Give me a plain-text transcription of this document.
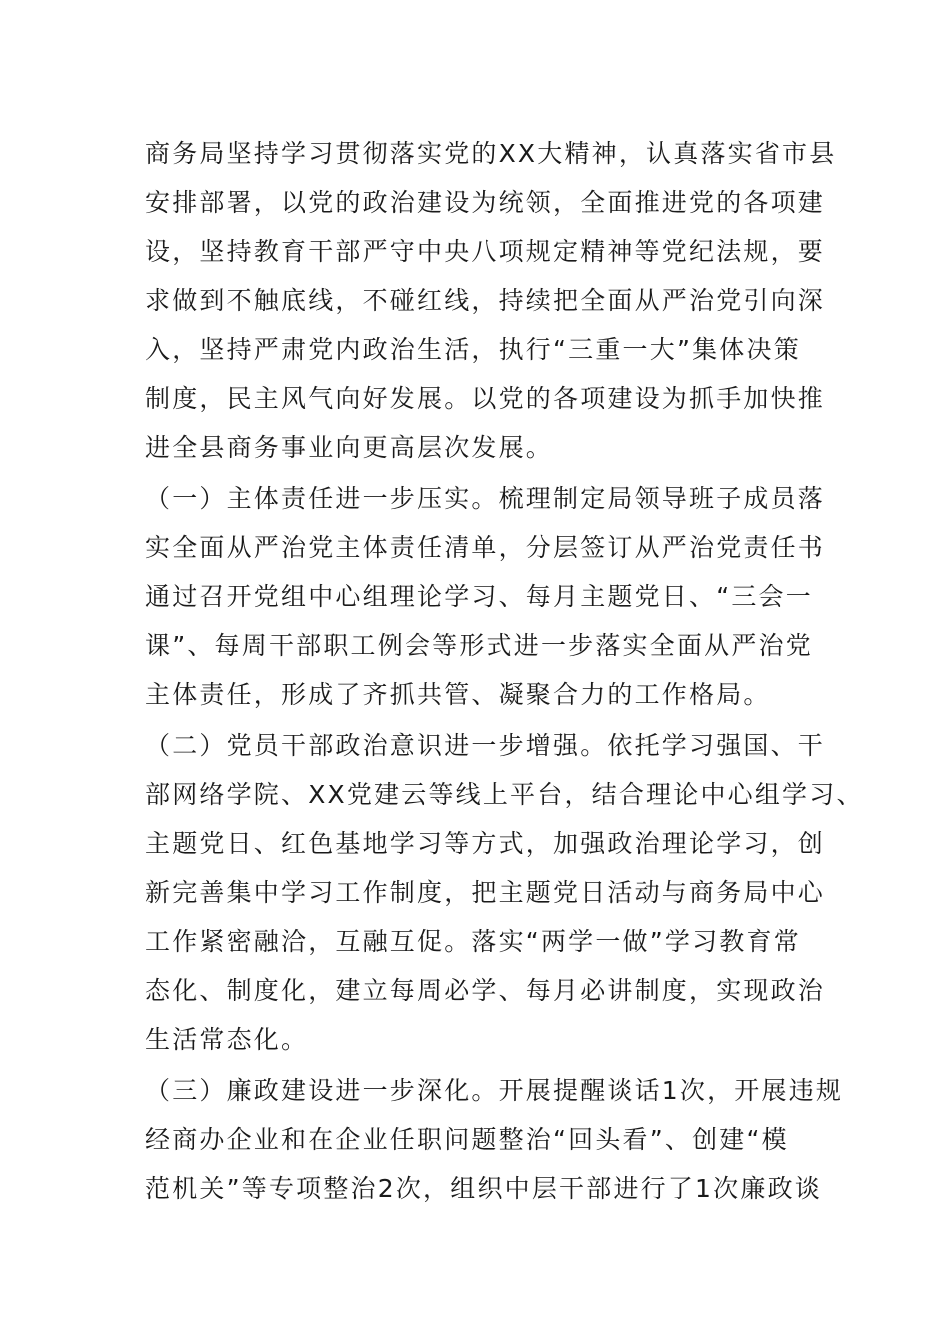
商务局坚持学习贯彻落实党的XX大精神，认真落实省市县
安排部署，以党的政治建设为统领，全面推进党的各项建
设，坚持教育干部严守中央八项规定精神等党纪法规，要
求做到不触底线，不碰红线，持续把全面从严治党引向深
入，坚持严肃党内政治生活，执行“三重一大”集体决策
制度，民主风气向好发展。以党的各项建设为抓手加快推
进全县商务事业向更高层次发展。
（一）主体责任进一步压实。梳理制定局领导班子成员落
实全面从严治党主体责任清单，分层签订从严治党责任书
通过召开党组中心组理论学习、每月主题党日、“三会一
课”、每周干部职工例会等形式进一步落实全面从严治党
主体责任，形成了齐抓共管、凝聚合力的工作格局。
（二）党员干部政治意识进一步增强。依托学习强国、干
部网络学院、XX党建云等线上平台，结合理论中心组学习、
主题党日、红色基地学习等方式，加强政治理论学习，创
新完善集中学习工作制度，把主题党日活动与商务局中心
工作紧密融洽，互融互促。落实“两学一做”学习教育常
态化、制度化，建立每周必学、每月必讲制度，实现政治
生活常态化。
（三）廉政建设进一步深化。开展提醒谈话1次，开展违规
经商办企业和在企业任职问题整治“回头看”、创建“模
范机关”等专项整治2次，组织中层干部进行了1次廉政谈
